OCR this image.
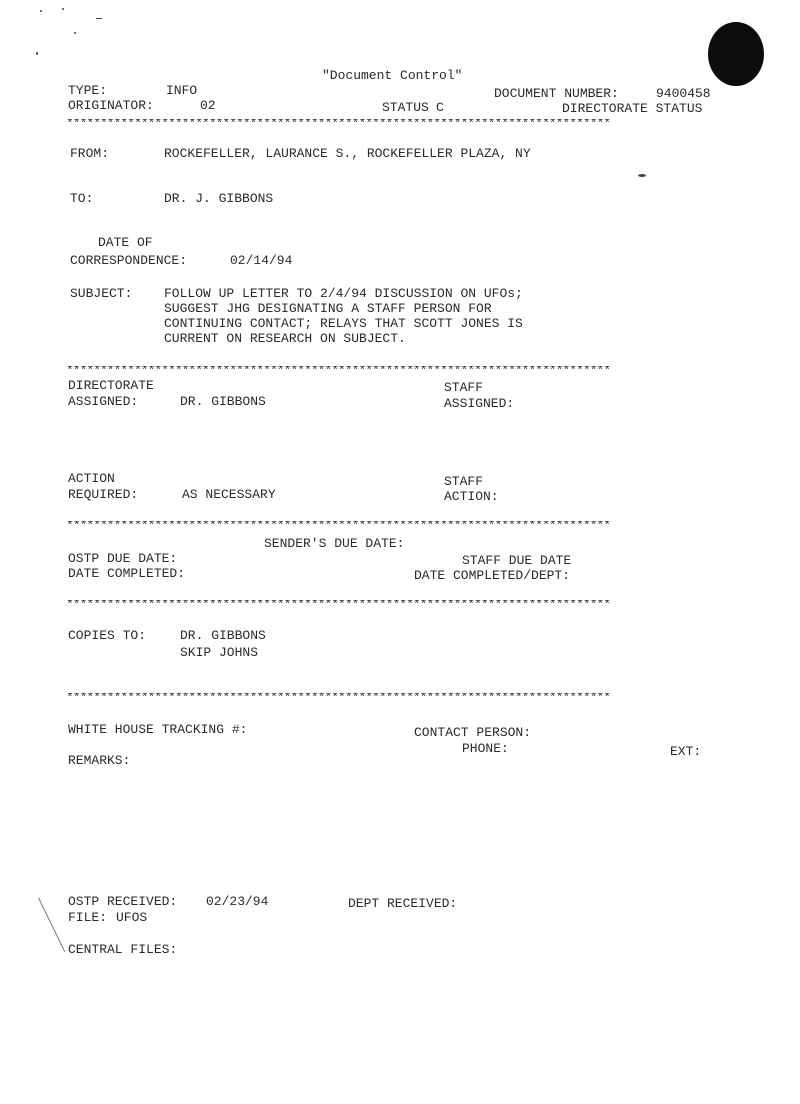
"Document Control"
TYPE:	INFO	DOCUMENT NUMBER:	9400458
ORIGINATOR:	02	STATUS C	DIRECTORATE STATUS
********************************************************************************
FROM:	ROCKEFELLER, LAURANCE S., ROCKEFELLER PLAZA, NY
TO:	DR. J. GIBBONS
DATE OF
CORRESPONDENCE:	02/14/94
SUBJECT: FOLLOW UP LETTER TO 2/4/94 DISCUSSION ON UFOs;
SUGGEST JHG DESIGNATING A STAFF PERSON FOR
CONTINUING CONTACT; RELAYS THAT SCOTT JONES IS
CURRENT ON RESEARCH ON SUBJECT.
********************************************************************************
DIRECTORATE
ASSIGNED:	DR. GIBBONS
STAFF
ASSIGNED:
ACTION
REQUIRED:	AS NECESSARY
STAFF
ACTION:
********************************************************************************
SENDER'S DUE DATE:
OSTP DUE DATE:
DATE COMPLETED:
STAFF DUE DATE
DATE COMPLETED/DEPT:
********************************************************************************
COPIES TO:	DR. GIBBONS
SKIP JOHNS
********************************************************************************
WHITE HOUSE TRACKING #:	CONTACT PERSON:
PHONE:	EXT:
REMARKS:
OSTP RECEIVED: 02/23/94	DEPT RECEIVED:
FILE: UFOS
CENTRAL FILES:
